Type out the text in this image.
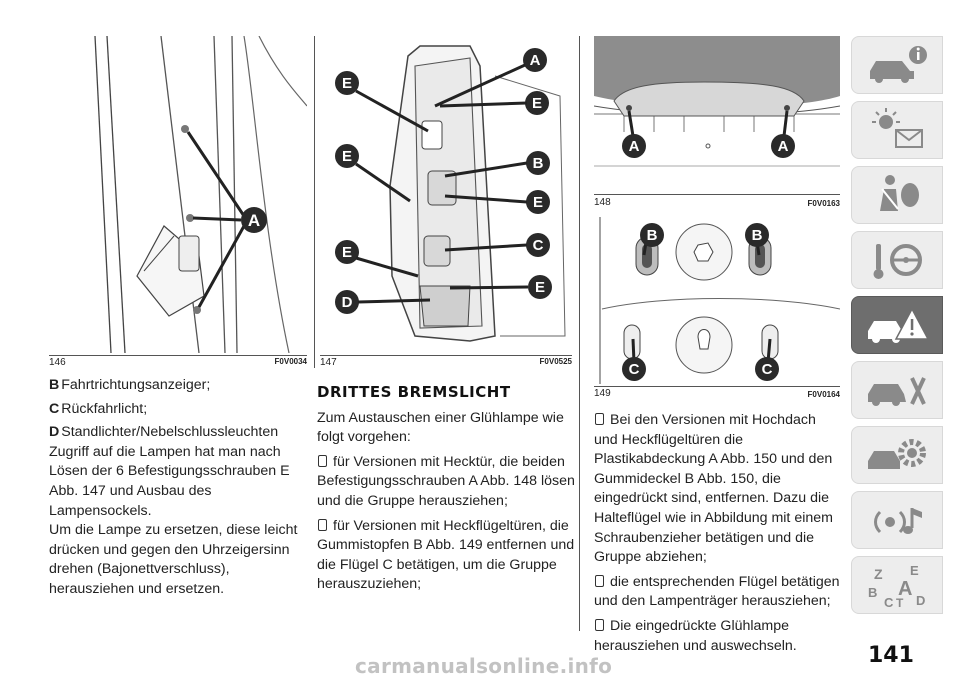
A
146	F0V0034
A
E
E
B
E
C
E
E
E
D
147	F0V0525
A	A
148	F0V0163
B	B
C	C
149	F0V0164

B Fahrtrichtungsanzeiger;

C Rückfahrlicht;

D Standlichter/Nebelschlussleuchten

Zugriff auf die Lampen hat man nach Lösen der 6 Befestigungsschrauben E Abb. 147 und Ausbau des Lampensockels.

Um die Lampe zu ersetzen, diese leicht drücken und gegen den Uhrzeigersinn drehen (Bajonettverschluss), herausziehen und ersetzen.

DRITTES BREMSLICHT

Zum Austauschen einer Glühlampe wie folgt vorgehen:

für Versionen mit Hecktür, die beiden Befestigungsschrauben A Abb. 148 lösen und die Gruppe herausziehen;

für Versionen mit Heckflügeltüren, die Gummistopfen B Abb. 149 entfernen und die Flügel C betätigen, um die Gruppe herauszuziehen;

Bei den Versionen mit Hochdach und Heckflügeltüren die Plastikabdeckung A Abb. 150 und den Gummideckel B Abb. 150, die eingedrückt sind, entfernen. Dazu die Halteflügel wie in Abbildung mit einem Schraubenzieher betätigen und die Gruppe abziehen;

die entsprechenden Flügel betätigen und den Lampenträger herausziehen;

Die eingedrückte Glühlampe herausziehen und auswechseln.

Z E
B A
C T D
141
carmanualsonline.info
